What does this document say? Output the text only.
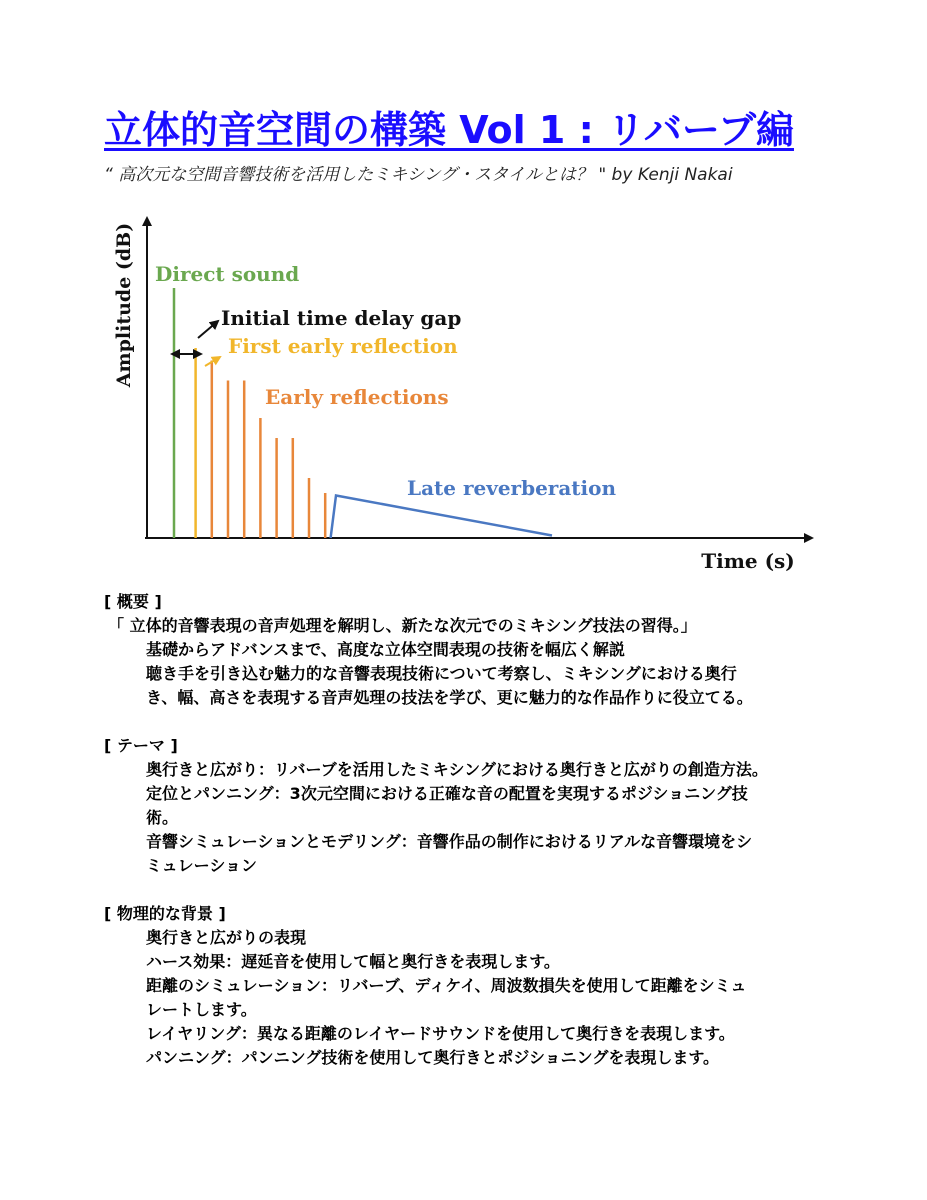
立体的音空間の構築 Vol 1 : リバーブ編
“ 高次元な空間音響技術を活用したミキシング・スタイルとは？ " by Kenji Nakai
Amplitude (dB)
Time (s)
Direct sound
Initial time delay gap
First early reflection
Early reflections
Late reverberation
[ 概要 ]
「 立体的音響表現の音声処理を解明し、新たな次元でのミキシング技法の習得。」
基礎からアドバンスまで、高度な立体空間表現の技術を幅広く解説
聴き手を引き込む魅力的な音響表現技術について考察し、ミキシングにおける奥行
き、幅、高さを表現する音声処理の技法を学び、更に魅力的な作品作りに役立てる。
[ テーマ ]
奥行きと広がり：リバーブを活用したミキシングにおける奥行きと広がりの創造方法。
定位とパンニング：3次元空間における正確な音の配置を実現するポジショニング技
術。
音響シミュレーションとモデリング：音響作品の制作におけるリアルな音響環境をシ
ミュレーション
[ 物理的な背景 ]
奥行きと広がりの表現
ハース効果：遅延音を使用して幅と奥行きを表現します。
距離のシミュレーション：リバーブ、ディケイ、周波数損失を使用して距離をシミュ
レートします。
レイヤリング：異なる距離のレイヤードサウンドを使用して奥行きを表現します。
パンニング：パンニング技術を使用して奥行きとポジショニングを表現します。
